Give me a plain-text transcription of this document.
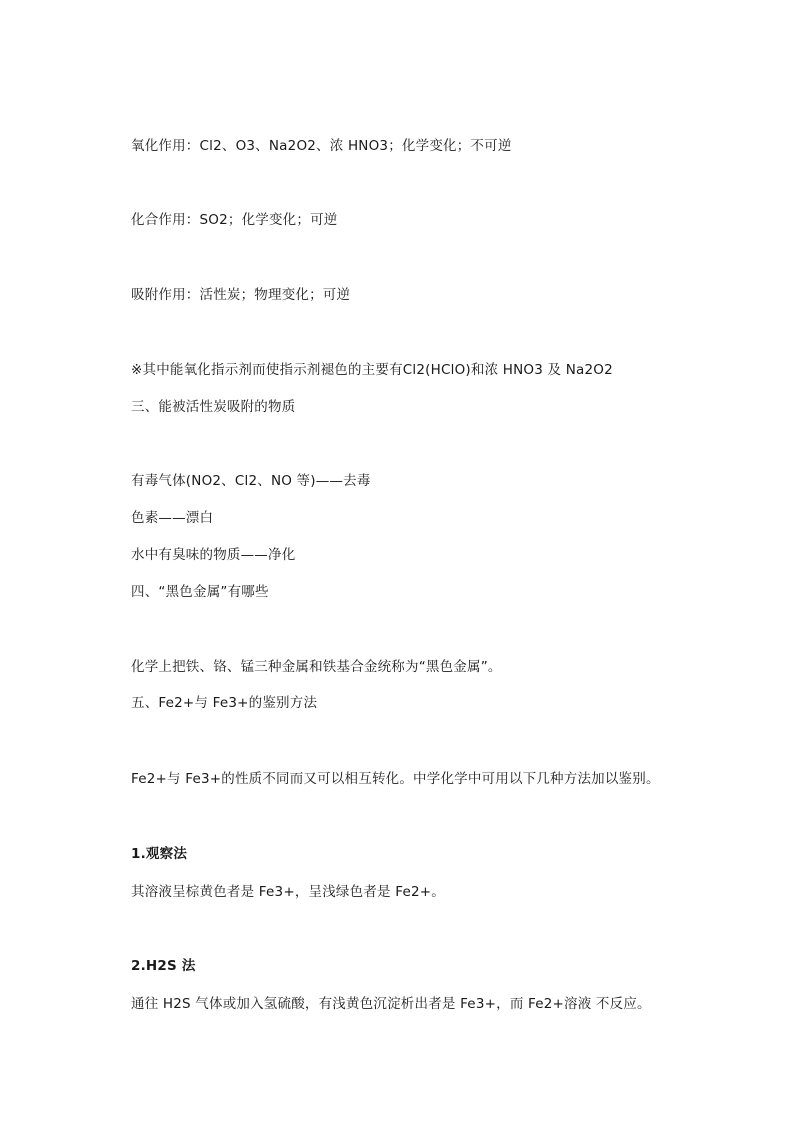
氧化作用：Cl2、O3、Na2O2、浓 HNO3；化学变化；不可逆
化合作用：SO2；化学变化；可逆
吸附作用：活性炭；物理变化；可逆
※其中能氧化指示剂而使指示剂褪色的主要有Cl2(HClO)和浓 HNO3 及 Na2O2
三、能被活性炭吸附的物质
有毒气体(NO2、Cl2、NO 等)——去毒
色素——漂白
水中有臭味的物质——净化
四、“黑色金属”有哪些
化学上把铁、铬、锰三种金属和铁基合金统称为“黑色金属”。
五、Fe2+与 Fe3+的鉴别方法
Fe2+与 Fe3+的性质不同而又可以相互转化。中学化学中可用以下几种方法加以鉴别。
1.观察法
其溶液呈棕黄色者是 Fe3+，呈浅绿色者是 Fe2+。
2.H2S 法
通往 H2S 气体或加入氢硫酸，有浅黄色沉淀析出者是 Fe3+，而 Fe2+溶液 不反应。
